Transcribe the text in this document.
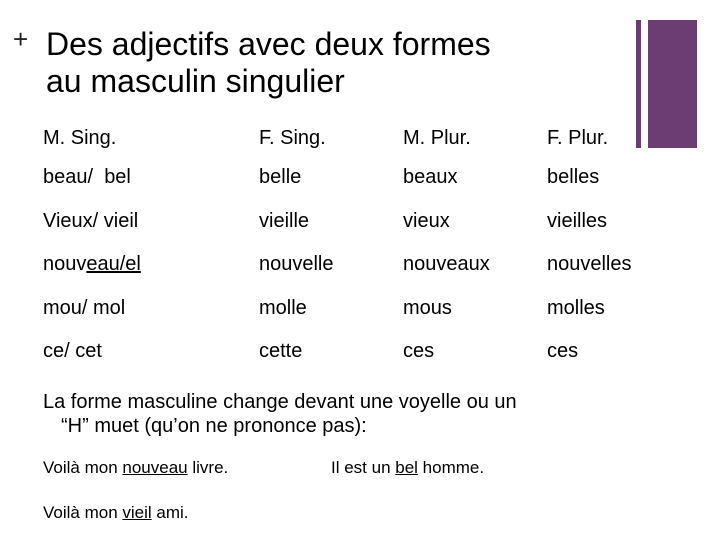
+ Des adjectifs avec deux formes
au masculin singulier
M. Sing.	F. Sing.	M. Plur.	F. Plur.
beau/ bel	belle	beaux	belles
Vieux/ vieil	vieille	vieux	vieilles
nouveau/el	nouvelle	nouveaux	nouvelles
mou/ mol	molle	mous	molles
ce/ cet	cette	ces	ces
La forme masculine change devant une voyelle ou un
“H” muet (qu’on ne prononce pas):
Voilà mon nouveau livre.	Il est un bel homme.
Voilà mon vieil ami.
